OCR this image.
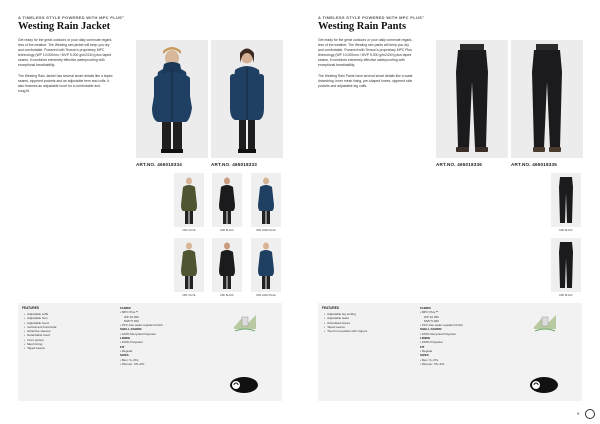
A TIMELESS STYLE POWERED WITH MPC PLUS°
Westing Rain Jacket
Get ready for the great outdoors or your daily commute regard-
less of the weather. The Westing rain jacket will keep you dry
and comfortable. Powered with Tenson's proprietary MPC
technology (WP 10.000mm / MVP 5.000 g/m2/24h) plus taped
seams, it combines extremely effective waterproofing with
exceptional breathability.
The Westing Rain Jacket has several smart details like a taped
seams, zippered pockets and an adjustable hem and cuffs. It
also features an adjustable hood for a comfortable and
snug fit.
ART.NO. 465018334	ART.NO. 465018333
DRK OLIVE	DRK BLACK	DRK DARK BLUE
DRK OLIVE	DRK BLACK	DRK DARK BLUE
FEATURES
• Adjustable cuffs
• Adjustable hem
• Adjustable hood
• vertical and horizontal
• Attractive sleeves
• Detachable hood
• Inner pocket
• Mesh lining
• Taped seams
FABRIC
• MPC Plus™
WP 10 000
MVP 5 000
• PFC-free water-repellent finish
SHELL FABRIC
• 100% Recycled Polyester
LINING
• 100% Polyester
FIT
• Regular
SIZES
• Men: S–3XL
• Women: XS–2XL
A TIMELESS STYLE POWERED WITH MPC PLUS°
Westing Rain Pants
Get ready for the great outdoors or your daily commute regard-
less of the weather. The Westing rain pants will keep you dry
and comfortable. Powered with Tenson's proprietary MPC Plus
technology (WP 10.000mm / MVP 5.000 g/m2/24h) plus taped
seams, it combines extremely effective waterproofing with
exceptional breathability.
The Westing Rain Pants have several smart details like a waist
drawstring, inner mesh lining, pre-shaped knees, zippered side
pockets and adjustable leg cuffs.
ART.NO. 465018336	ART.NO. 465018335
DRK BLACK
DRK BLACK
FEATURES
• Adjustable leg ending
• Adjustable waist
• Articulated knees
• Taped seams
• Two front pockets with zippers
FABRIC
• MPC Plus™
WP 10 000
MVP 5 000
• PFC-free water-repellent finish
SHELL FABRIC
• 100% Recycled Polyester
LINING
• 100% Polyester
FIT
• Regular
SIZES
• Men: S–3XL
• Women: XS–2XL
9
